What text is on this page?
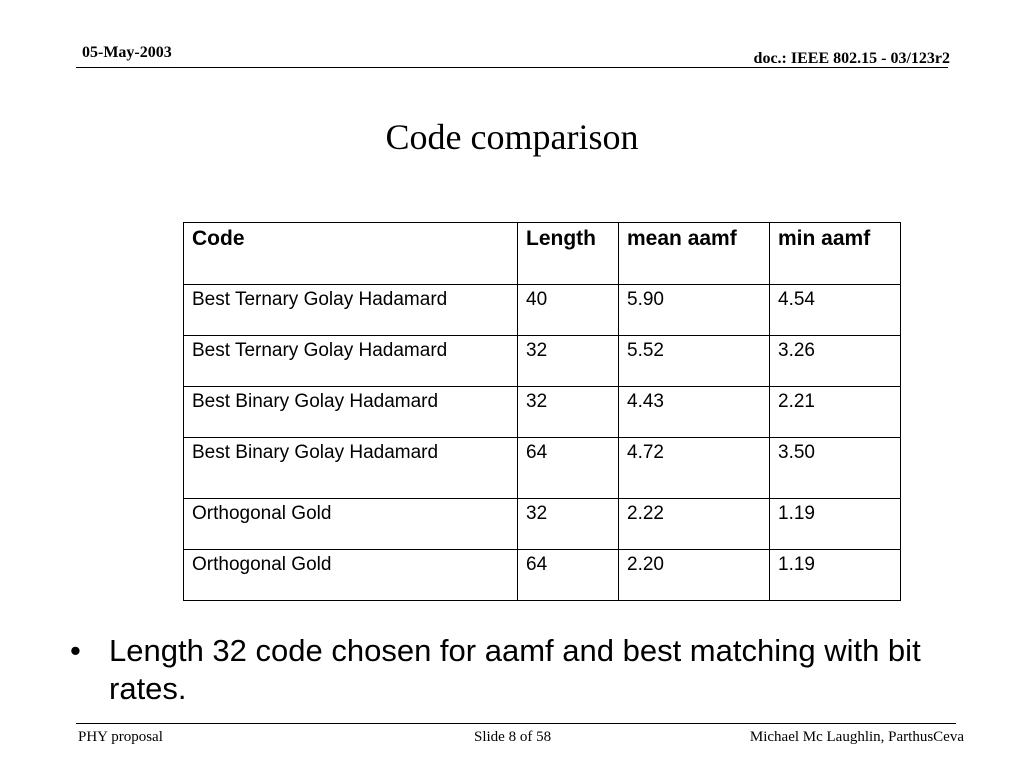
05-May-2003	doc.: IEEE 802.15 - 03/123r2
Code comparison
Code	Length	mean aamf	min aamf
Best Ternary Golay Hadamard	40	5.90	4.54
Best Ternary Golay Hadamard	32	5.52	3.26
Best Binary Golay Hadamard	32	4.43	2.21
Best Binary Golay Hadamard	64	4.72	3.50
Orthogonal Gold	32	2.22	1.19
Orthogonal Gold	64	2.20	1.19
• Length 32 code chosen for aamf and best matching with bit rates.
PHY proposal	Slide 8 of 58	Michael Mc Laughlin, ParthusCeva
